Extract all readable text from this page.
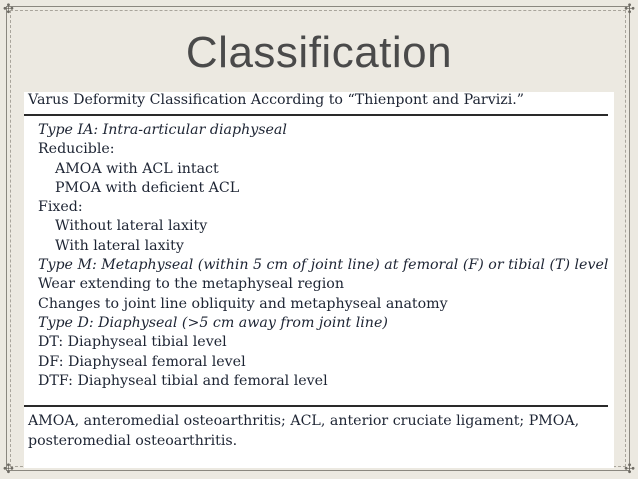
✣	✣
✣	✣
Classification
Varus Deformity Classification According to “Thienpont and Parvizi.”
Type IA: Intra-articular diaphyseal
Reducible:
AMOA with ACL intact
PMOA with deficient ACL
Fixed:
Without lateral laxity
With lateral laxity
Type M: Metaphyseal (within 5 cm of joint line) at femoral (F) or tibial (T) level
Wear extending to the metaphyseal region
Changes to joint line obliquity and metaphyseal anatomy
Type D: Diaphyseal (>5 cm away from joint line)
DT: Diaphyseal tibial level
DF: Diaphyseal femoral level
DTF: Diaphyseal tibial and femoral level
AMOA, anteromedial osteoarthritis; ACL, anterior cruciate ligament; PMOA, posteromedial osteoarthritis.
